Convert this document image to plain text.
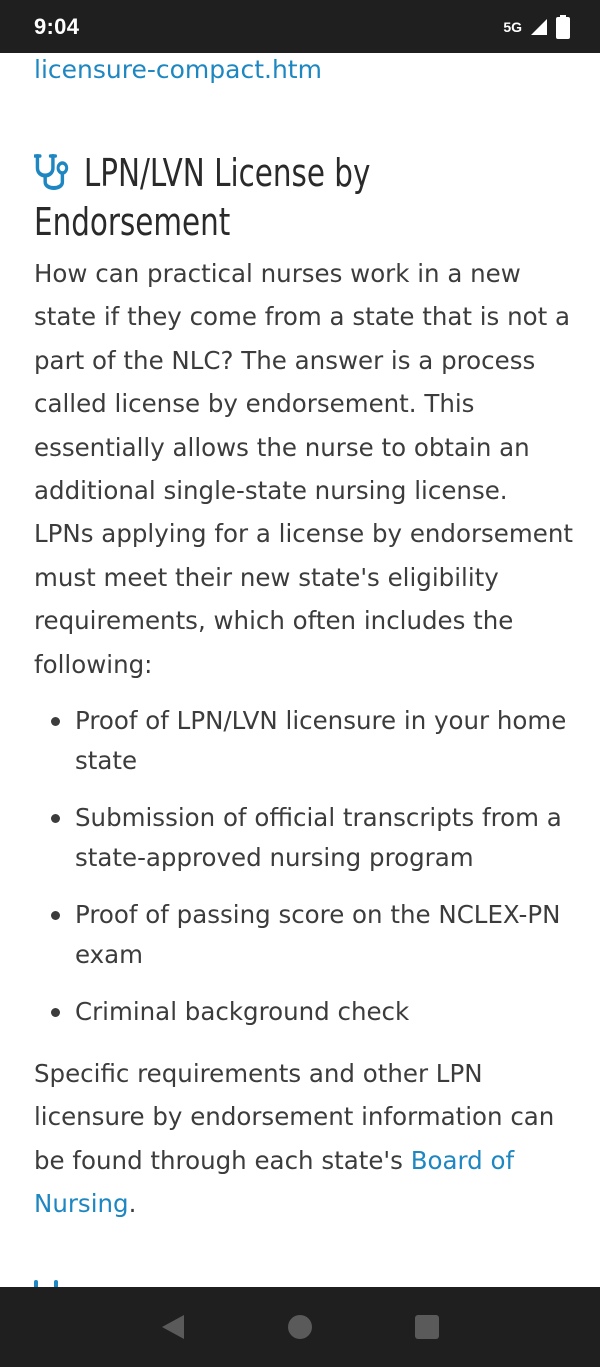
9:04	5G
licensure-compact.htm
LPN/LVN License by Endorsement

How can practical nurses work in a new state if they come from a state that is not a part of the NLC? The answer is a process called license by endorsement. This essentially allows the nurse to obtain an additional single-state nursing license. LPNs applying for a license by endorsement must meet their new state's eligibility requirements, which often includes the following:

Proof of LPN/LVN licensure in your home state
Submission of official transcripts from a state-approved nursing program
Proof of passing score on the NCLEX-PN exam
Criminal background check

Specific requirements and other LPN licensure by endorsement information can be found through each state's Board of Nursing.
